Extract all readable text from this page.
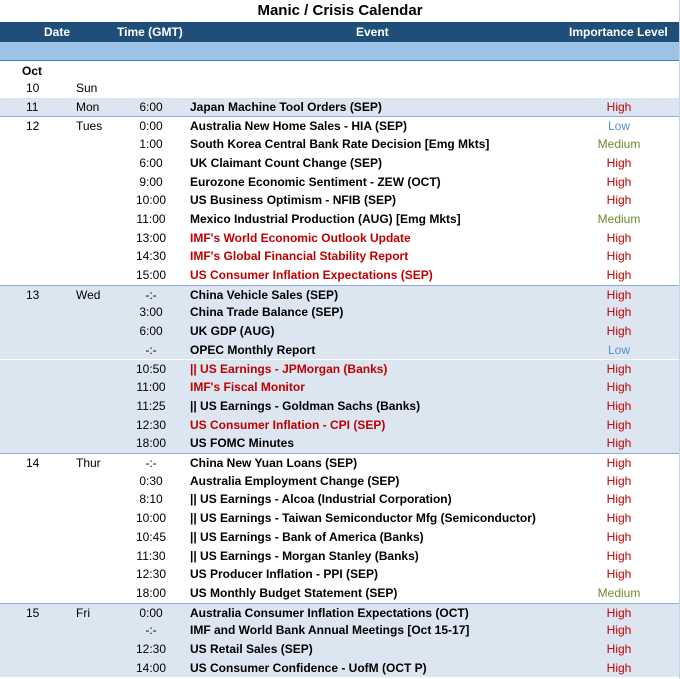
Manic / Crisis Calendar
Date	Time (GMT)	Event	Importance Level
Oct
10	Sun
11	Mon	6:00	Japan Machine Tool Orders (SEP)	High
12	Tues	0:00	Australia New Home Sales - HIA (SEP)	Low
1:00	South Korea Central Bank Rate Decision [Emg Mkts]	Medium
6:00	UK Claimant Count Change (SEP)	High
9:00	Eurozone Economic Sentiment - ZEW (OCT)	High
10:00	US Business Optimism - NFIB (SEP)	High
11:00	Mexico Industrial Production (AUG) [Emg Mkts]	Medium
13:00	IMF's World Economic Outlook Update	High
14:30	IMF's Global Financial Stability Report	High
15:00	US Consumer Inflation Expectations (SEP)	High
13	Wed	-:-	China Vehicle Sales (SEP)	High
3:00	China Trade Balance (SEP)	High
6:00	UK GDP (AUG)	High
-:-	OPEC Monthly Report	Low
10:50	|| US Earnings - JPMorgan (Banks)	High
11:00	IMF's Fiscal Monitor	High
11:25	|| US Earnings - Goldman Sachs (Banks)	High
12:30	US Consumer Inflation - CPI (SEP)	High
18:00	US FOMC Minutes	High
14	Thur	-:-	China New Yuan Loans (SEP)	High
0:30	Australia Employment Change (SEP)	High
8:10	|| US Earnings - Alcoa (Industrial Corporation)	High
10:00	|| US Earnings - Taiwan Semiconductor Mfg (Semiconductor)	High
10:45	|| US Earnings - Bank of America (Banks)	High
11:30	|| US Earnings - Morgan Stanley (Banks)	High
12:30	US Producer Inflation - PPI (SEP)	High
18:00	US Monthly Budget Statement (SEP)	Medium
15	Fri	0:00	Australia Consumer Inflation Expectations (OCT)	High
-:-	IMF and World Bank Annual Meetings [Oct 15-17]	High
12:30	US Retail Sales (SEP)	High
14:00	US Consumer Confidence - UofM (OCT P)	High
